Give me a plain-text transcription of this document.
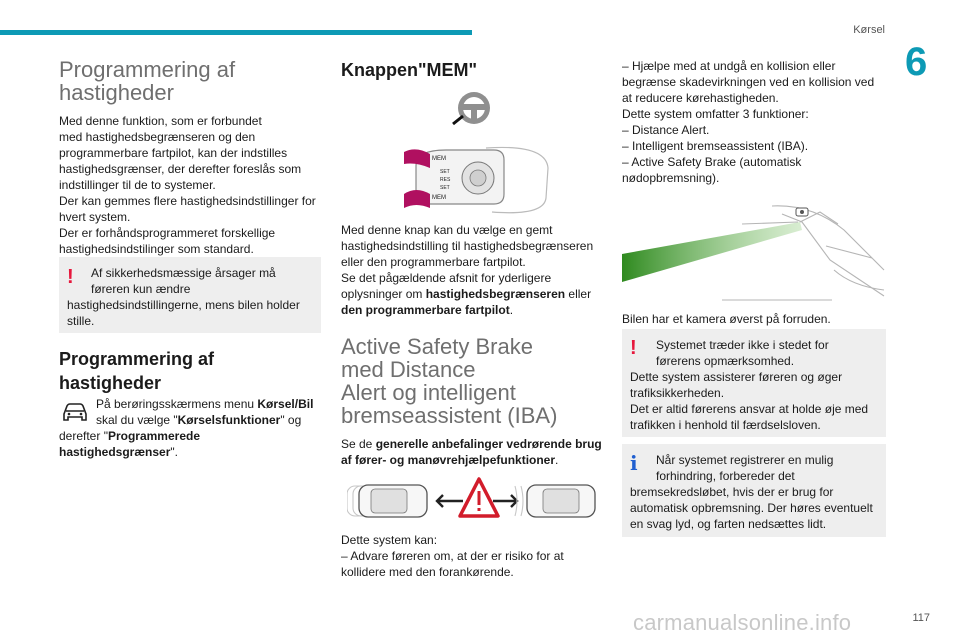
Kørsel
6
Programmering af
hastigheder
Med denne funktion, som er forbundet
med hastighedsbegrænseren og den
programmerbare fartpilot, kan der indstilles
hastighedsgrænser, der derefter foreslås som
indstillinger til de to systemer.
Der kan gemmes flere hastighedsindstillinger for
hvert system.
Der er forhåndsprogrammeret forskellige
hastighedsindstilinger som standard.
!	Af sikkerhedsmæssige årsager må
føreren kun ændre
hastighedsindstillingerne, mens bilen holder
stille.
Programmering af
hastigheder
På berøringsskærmens menu Kørsel/Bil
skal du vælge "Kørselsfunktioner" og
derefter "Programmerede
hastighedsgrænser".
Knappen"MEM"
MEM
MEM
SET
RES
SET
Med denne knap kan du vælge en gemt
hastighedsindstilling til hastighedsbegrænseren
eller den programmerbare fartpilot.
Se det pågældende afsnit for yderligere
oplysninger om hastighedsbegrænseren eller
den programmerbare fartpilot.
Active Safety Brake
med Distance
Alert og intelligent
bremseassistent (IBA)
Se de generelle anbefalinger vedrørende brug
af fører- og manøvrehjælpefunktioner.
Dette system kan:
– Advare føreren om, at der er risiko for at
kollidere med den forankørende.
– Hjælpe med at undgå en kollision eller
begrænse skadevirkningen ved en kollision ved
at reducere kørehastigheden.
Dette system omfatter 3 funktioner:
– Distance Alert.
– Intelligent bremseassistent (IBA).
– Active Safety Brake (automatisk
nødopbremsning).
Bilen har et kamera øverst på forruden.
!	Systemet træder ikke i stedet for
førerens opmærksomhed.
Dette system assisterer føreren og øger
trafiksikkerheden.
Det er altid førerens ansvar at holde øje med
trafikken i henhold til færdselsloven.
i	Når systemet registrerer en mulig
forhindring, forbereder det
bremsekredsløbet, hvis der er brug for
automatisk opbremsning. Der høres eventuelt
en svag lyd, og farten nedsættes lidt.
carmanualsonline.info	117
